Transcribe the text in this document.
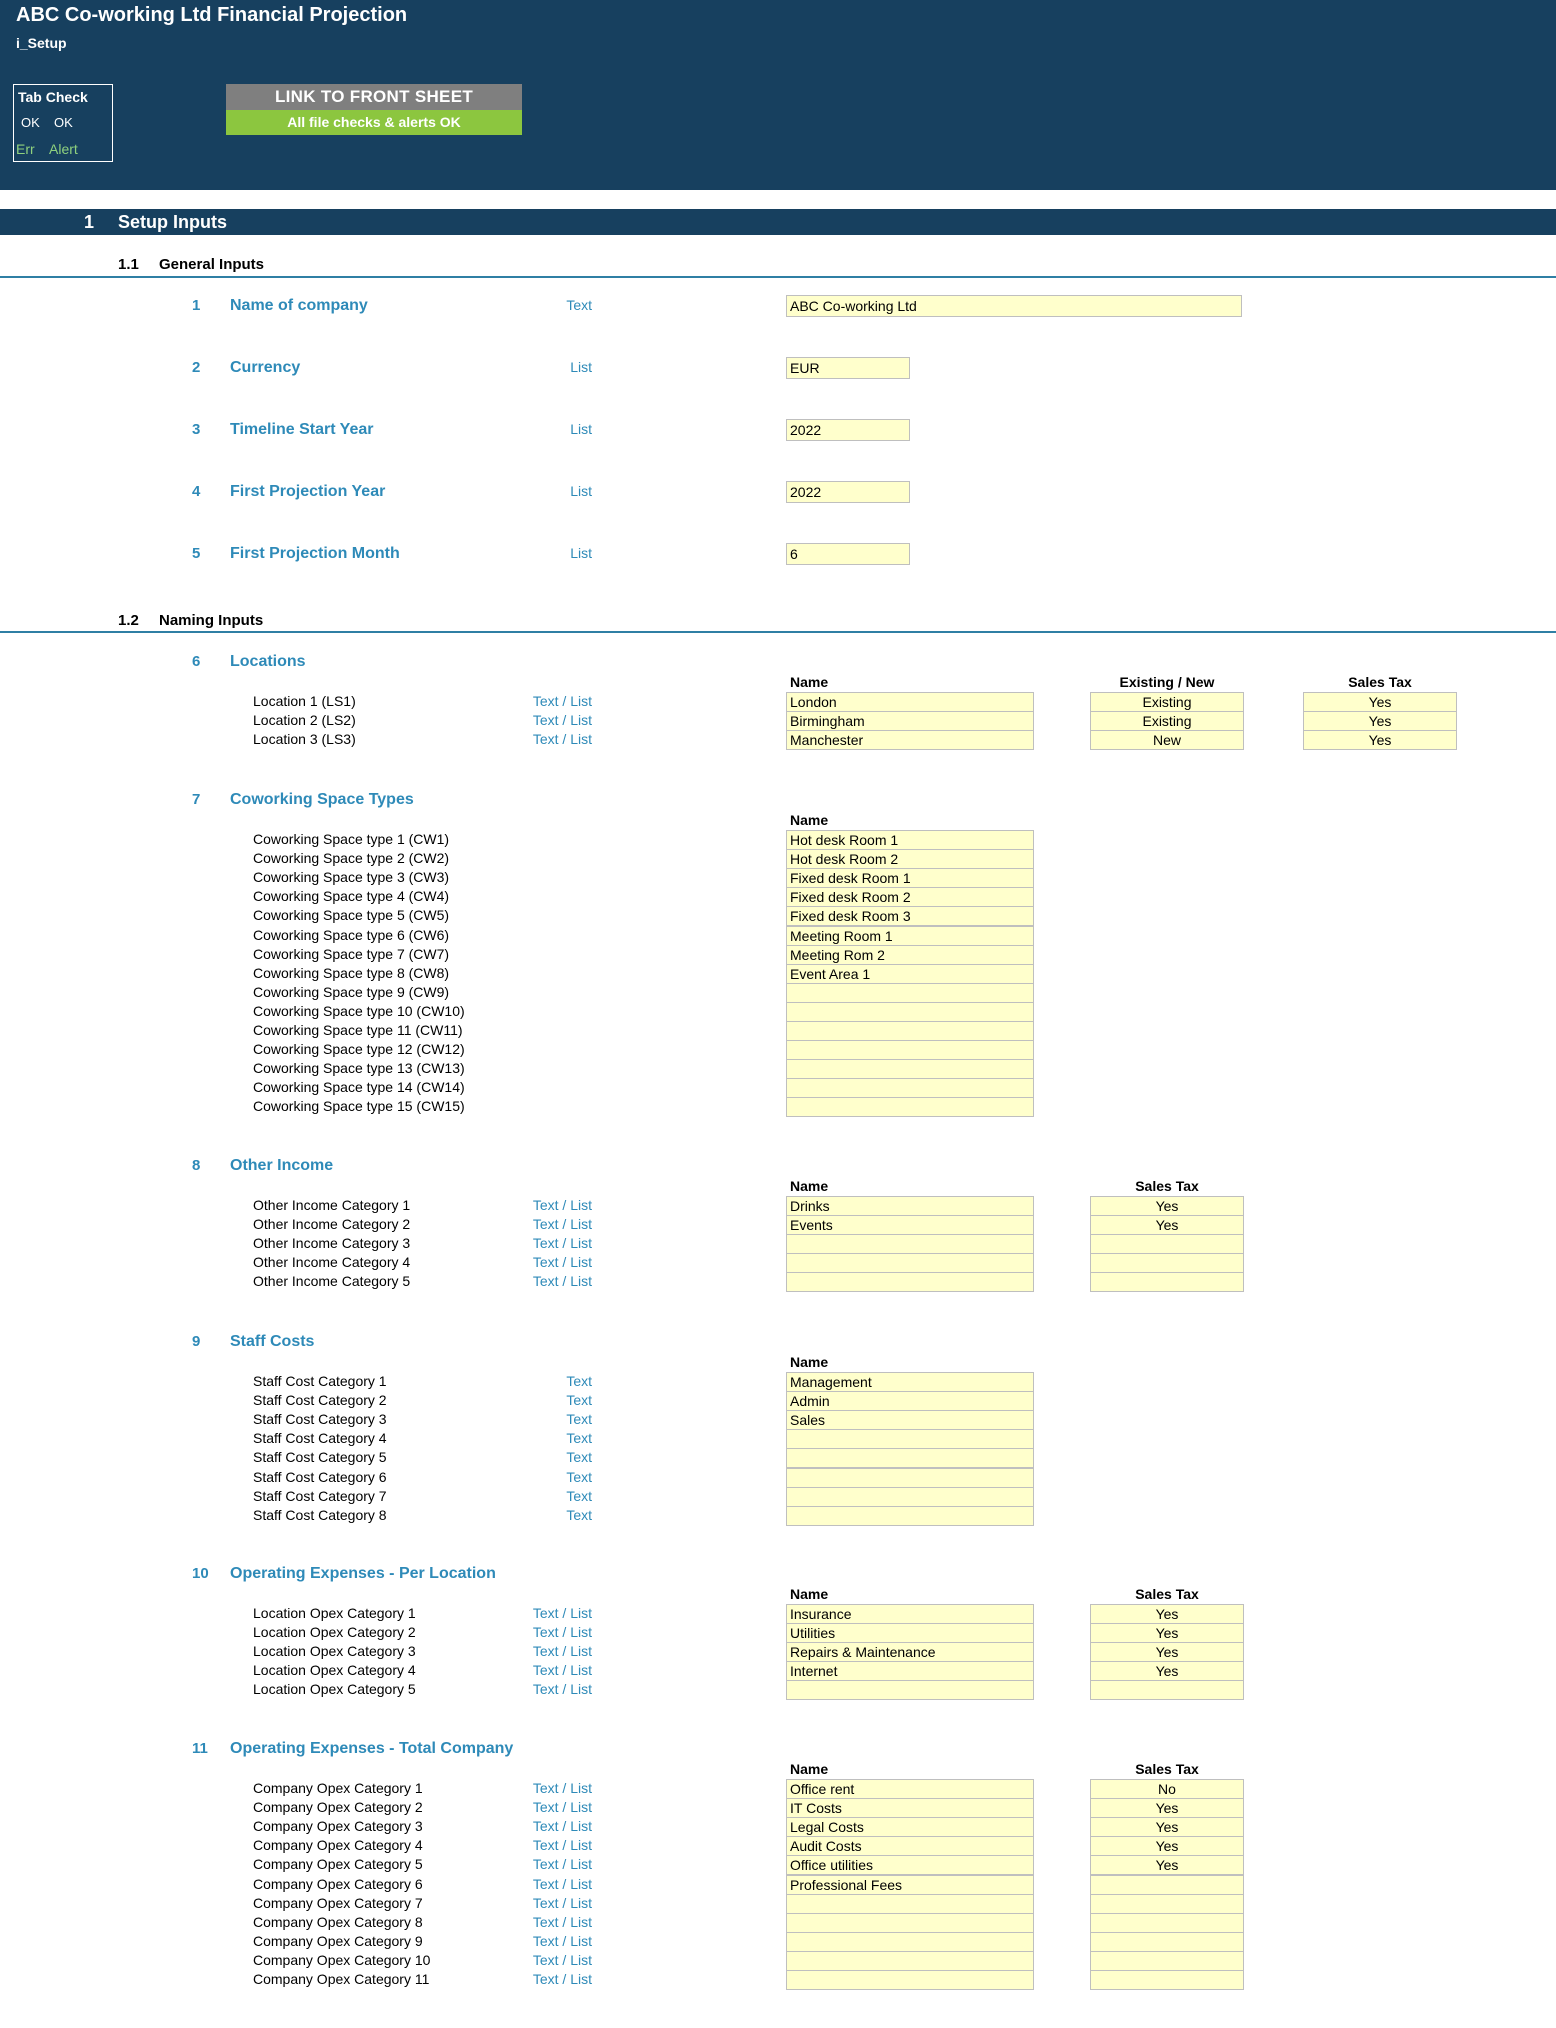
ABC Co-working Ltd Financial Projection
i_Setup
Tab Check
OK OK
Err Alert
LINK TO FRONT SHEET
All file checks & alerts OK
1 Setup Inputs
1.1 General Inputs
1 Name of company	Text	ABC Co-working Ltd
2 Currency	List	EUR
3 Timeline Start Year	List	2022
4 First Projection Year	List	2022
5 First Projection Month	List	6
1.2 Naming Inputs
6 Locations
Name	Existing / New	Sales Tax
Location 1 (LS1)	Text / List	London	Existing	Yes
Location 2 (LS2)	Text / List	Birmingham	Existing	Yes
Location 3 (LS3)	Text / List	Manchester	New	Yes
7 Coworking Space Types
Name
Coworking Space type 1 (CW1)	Hot desk Room 1
Coworking Space type 2 (CW2)	Hot desk Room 2
Coworking Space type 3 (CW3)	Fixed desk Room 1
Coworking Space type 4 (CW4)	Fixed desk Room 2
Coworking Space type 5 (CW5)	Fixed desk Room 3
Coworking Space type 6 (CW6)	Meeting Room 1
Coworking Space type 7 (CW7)	Meeting Rom 2
Coworking Space type 8 (CW8)	Event Area 1
Coworking Space type 9 (CW9)
Coworking Space type 10 (CW10)
Coworking Space type 11 (CW11)
Coworking Space type 12 (CW12)
Coworking Space type 13 (CW13)
Coworking Space type 14 (CW14)
Coworking Space type 15 (CW15)
8 Other Income
Name	Sales Tax
Other Income Category 1	Text / List	Drinks	Yes
Other Income Category 2	Text / List	Events	Yes
Other Income Category 3	Text / List
Other Income Category 4	Text / List
Other Income Category 5	Text / List
9 Staff Costs
Name
Staff Cost Category 1	Text	Management
Staff Cost Category 2	Text	Admin
Staff Cost Category 3	Text	Sales
Staff Cost Category 4	Text
Staff Cost Category 5	Text
Staff Cost Category 6	Text
Staff Cost Category 7	Text
Staff Cost Category 8	Text
10 Operating Expenses - Per Location
Name	Sales Tax
Location Opex Category 1	Text / List	Insurance	Yes
Location Opex Category 2	Text / List	Utilities	Yes
Location Opex Category 3	Text / List	Repairs & Maintenance	Yes
Location Opex Category 4	Text / List	Internet	Yes
Location Opex Category 5	Text / List
11 Operating Expenses - Total Company
Name	Sales Tax
Company Opex Category 1	Text / List	Office rent	No
Company Opex Category 2	Text / List	IT Costs	Yes
Company Opex Category 3	Text / List	Legal Costs	Yes
Company Opex Category 4	Text / List	Audit Costs	Yes
Company Opex Category 5	Text / List	Office utilities	Yes
Company Opex Category 6	Text / List	Professional Fees
Company Opex Category 7	Text / List
Company Opex Category 8	Text / List
Company Opex Category 9	Text / List
Company Opex Category 10	Text / List
Company Opex Category 11	Text / List
